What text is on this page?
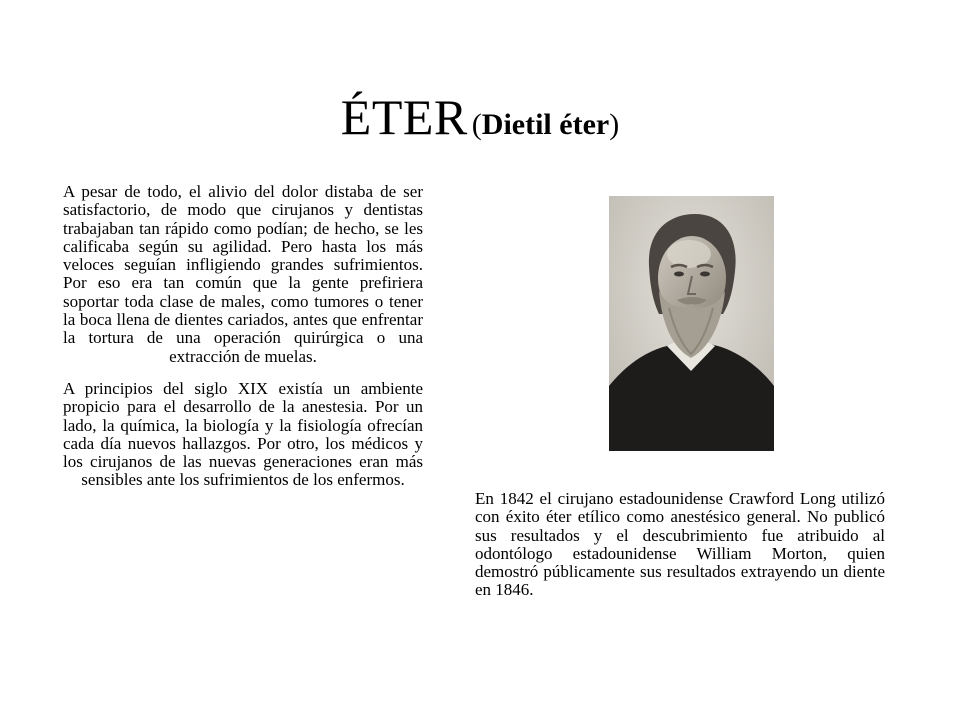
ÉTER (Dietil éter)

A pesar de todo, el alivio del dolor distaba de ser satisfactorio, de modo que cirujanos y dentistas trabajaban tan rápido como podían; de hecho, se les calificaba según su agilidad. Pero hasta los más veloces seguían infligiendo grandes sufrimientos. Por eso era tan común que la gente prefiriera soportar toda clase de males, como tumores o tener la boca llena de dientes cariados, antes que enfrentar la tortura de una operación quirúrgica o una extracción de muelas.

A principios del siglo XIX existía un ambiente propicio para el desarrollo de la anestesia. Por un lado, la química, la biología y la fisiología ofrecían cada día nuevos hallazgos. Por otro, los médicos y los cirujanos de las nuevas generaciones eran más sensibles ante los sufrimientos de los enfermos.

En 1842 el cirujano estadounidense Crawford Long utilizó con éxito éter etílico como anestésico general. No publicó sus resultados y el descubrimiento fue atribuido al odontólogo estadounidense William Morton, quien demostró públicamente sus resultados extrayendo un diente en 1846.
